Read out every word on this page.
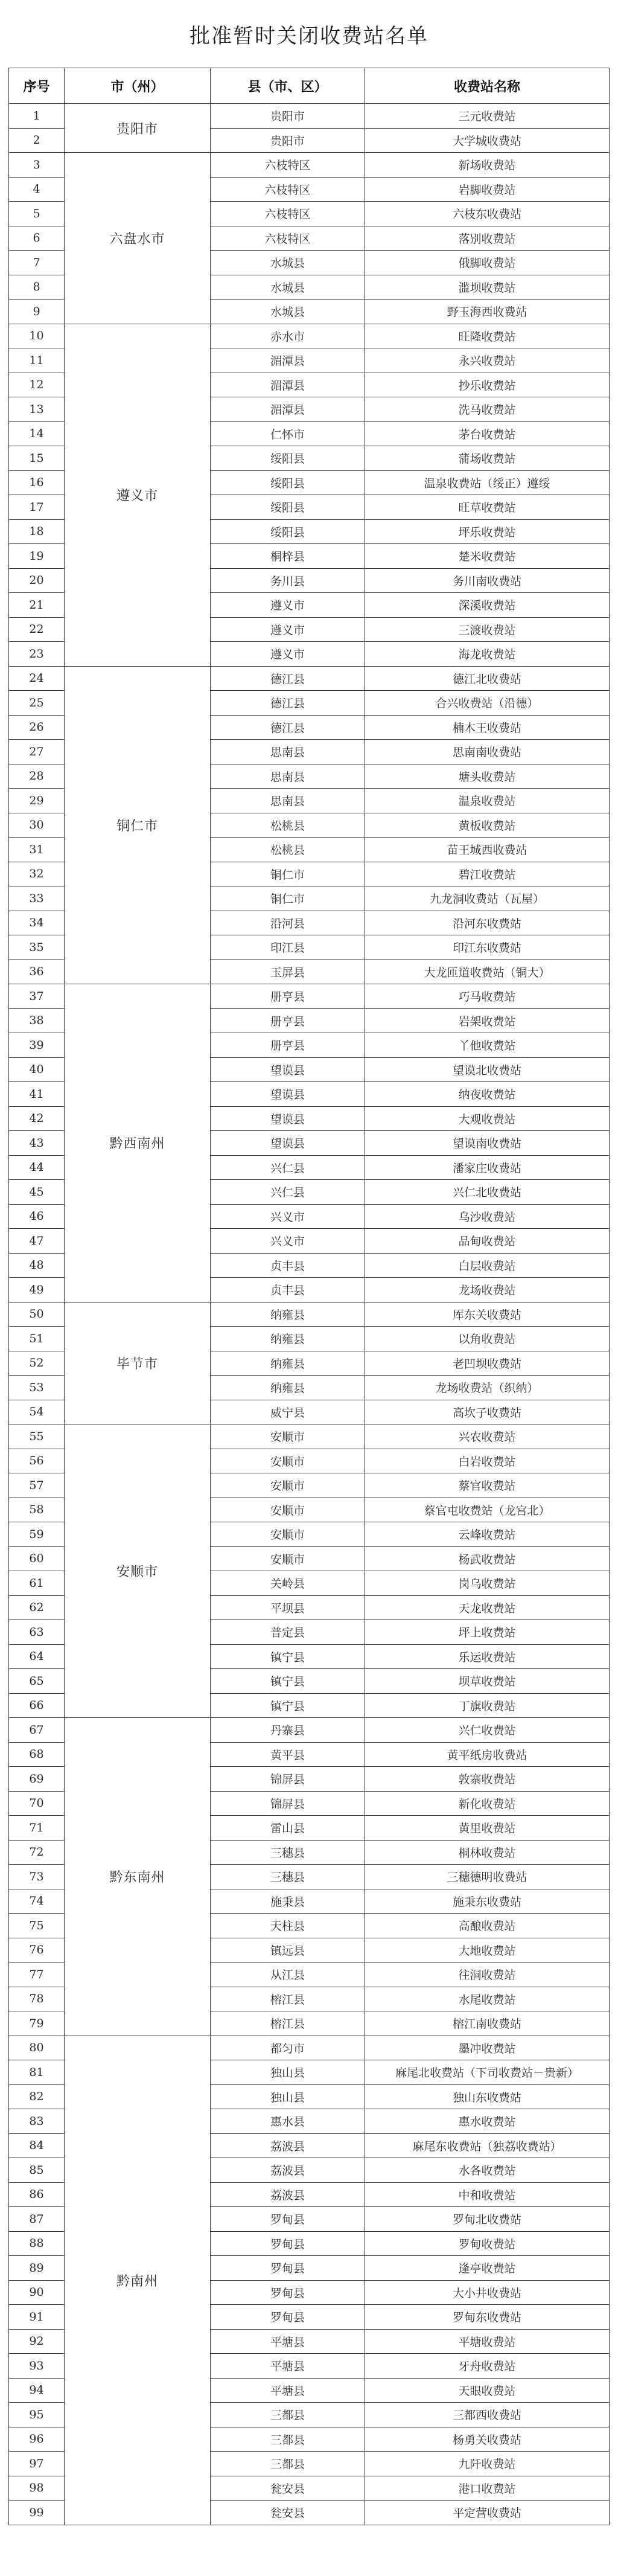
批准暂时关闭收费站名单
序号	市（州）	县（市、区）	收费站名称
1	贵阳市	贵阳市	三元收费站
2		贵阳市	大学城收费站
3	六盘水市	六枝特区	新场收费站
4		六枝特区	岩脚收费站
5		六枝特区	六枝东收费站
6		六枝特区	落别收费站
7		水城县	俄脚收费站
8		水城县	滥坝收费站
9		水城县	野玉海西收费站
10	遵义市	赤水市	旺隆收费站
11		湄潭县	永兴收费站
12		湄潭县	抄乐收费站
13		湄潭县	洗马收费站
14		仁怀市	茅台收费站
15		绥阳县	蒲场收费站
16		绥阳县	温泉收费站（绥正）遵绥
17		绥阳县	旺草收费站
18		绥阳县	坪乐收费站
19		桐梓县	楚米收费站
20		务川县	务川南收费站
21		遵义市	深溪收费站
22		遵义市	三渡收费站
23		遵义市	海龙收费站
24	铜仁市	德江县	德江北收费站
25		德江县	合兴收费站（沿德）
26		德江县	楠木王收费站
27		思南县	思南南收费站
28		思南县	塘头收费站
29		思南县	温泉收费站
30		松桃县	黄板收费站
31		松桃县	苗王城西收费站
32		铜仁市	碧江收费站
33		铜仁市	九龙洞收费站（瓦屋）
34		沿河县	沿河东收费站
35		印江县	印江东收费站
36		玉屏县	大龙匝道收费站（铜大）
37	黔西南州	册亨县	巧马收费站
38		册亨县	岩架收费站
39		册亨县	丫他收费站
40		望谟县	望谟北收费站
41		望谟县	纳夜收费站
42		望谟县	大观收费站
43		望谟县	望谟南收费站
44		兴仁县	潘家庄收费站
45		兴仁县	兴仁北收费站
46		兴义市	乌沙收费站
47		兴义市	品甸收费站
48		贞丰县	白层收费站
49		贞丰县	龙场收费站
50	毕节市	纳雍县	厍东关收费站
51		纳雍县	以角收费站
52		纳雍县	老凹坝收费站
53		纳雍县	龙场收费站（织纳）
54		威宁县	高坎子收费站
55	安顺市	安顺市	兴农收费站
56		安顺市	白岩收费站
57		安顺市	蔡官收费站
58		安顺市	蔡官屯收费站（龙宫北）
59		安顺市	云峰收费站
60		安顺市	杨武收费站
61		关岭县	岗乌收费站
62		平坝县	天龙收费站
63		普定县	坪上收费站
64		镇宁县	乐运收费站
65		镇宁县	坝草收费站
66		镇宁县	丁旗收费站
67	黔东南州	丹寨县	兴仁收费站
68		黄平县	黄平纸房收费站
69		锦屏县	敦寨收费站
70		锦屏县	新化收费站
71		雷山县	黄里收费站
72		三穗县	桐林收费站
73		三穗县	三穗德明收费站
74		施秉县	施秉东收费站
75		天柱县	高酿收费站
76		镇远县	大地收费站
77		从江县	往洞收费站
78		榕江县	水尾收费站
79		榕江县	榕江南收费站
80	黔南州	都匀市	墨冲收费站
81		独山县	麻尾北收费站（下司收费站－贵新）
82		独山县	独山东收费站
83		惠水县	惠水收费站
84		荔波县	麻尾东收费站（独荔收费站）
85		荔波县	水各收费站
86		荔波县	中和收费站
87		罗甸县	罗甸北收费站
88		罗甸县	罗甸收费站
89		罗甸县	逢亭收费站
90		罗甸县	大小井收费站
91		罗甸县	罗甸东收费站
92		平塘县	平塘收费站
93		平塘县	牙舟收费站
94		平塘县	天眼收费站
95		三都县	三都西收费站
96		三都县	杨勇关收费站
97		三都县	九阡收费站
98		瓮安县	港口收费站
99		瓮安县	平定营收费站
